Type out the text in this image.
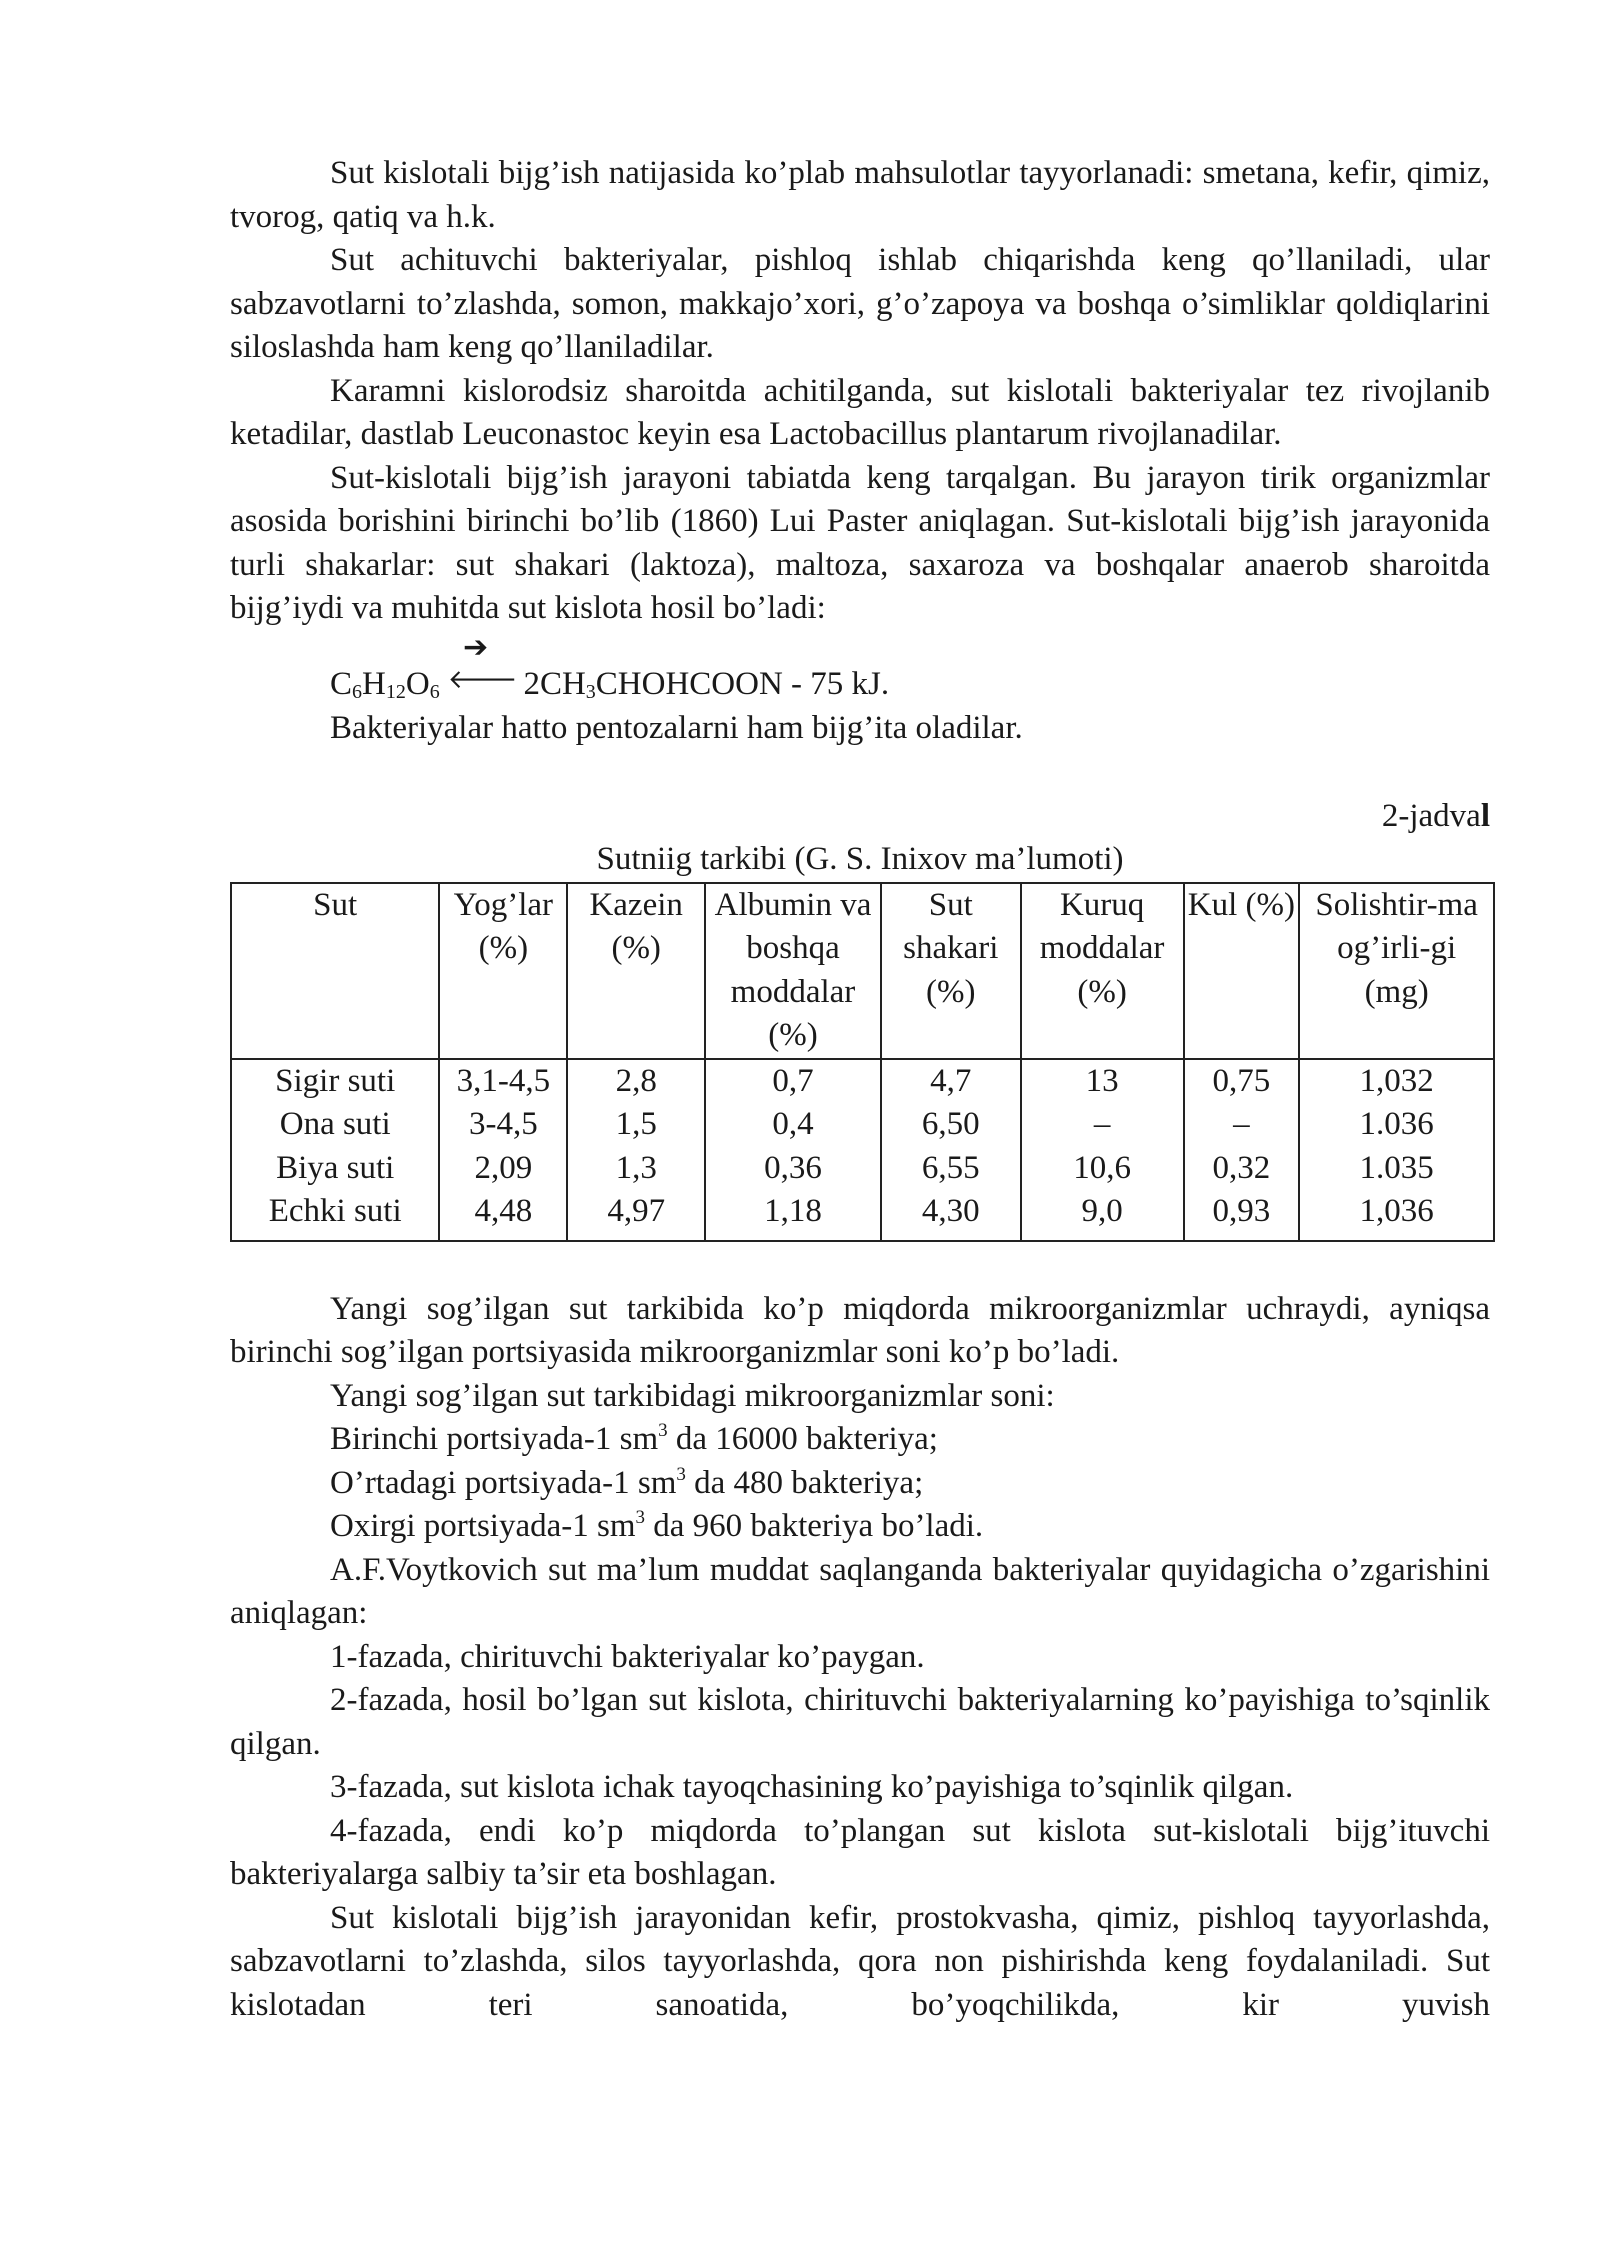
Sut kislotali bijg’ish natijasida ko’plab mahsulotlar tayyorlanadi: smetana, kefir, qimiz, tvorog, qatiq va h.k.

Sut achituvchi bakteriyalar, pishloq ishlab chiqarishda keng qo’llaniladi, ular sabzavotlarni to’zlashda, somon, makkajo’xori, g’o’zapoya va boshqa o’simliklar qoldiqlarini siloslashda ham keng qo’llaniladilar.

Karamni kislorodsiz sharoitda achitilganda, sut kislotali bakteriyalar tez rivojlanib ketadilar, dastlab Leuconastoc keyin esa Lactobacillus plantarum rivojlanadilar.

Sut-kislotali bijg’ish jarayoni tabiatda keng tarqalgan. Bu jarayon tirik organizmlar asosida borishini birinchi bo’lib (1860) Lui Paster aniqlagan. Sut-kislotali bijg’ish jarayonida turli shakarlar: sut shakari (laktoza), maltoza, saxaroza va boshqalar anaerob sharoitda bijg’iydi va muhitda sut kislota hosil bo’ladi:

➔

$C_6H_{12}O_6$ 🡐 $2CH_3CHOHCOON - 75$ kJ.

Bakteriyalar hatto pentozalarni ham bijg’ita oladilar.

2-jadval

Sutniig tarkibi (G. S. Inixov ma’lumoti)

Sut	Yog’lar (%)	Kazein (%)	Albumin va boshqa moddalar (%)	Sut shakari (%)	Kuruq moddalar (%)	Kul (%)	Solishtir-ma og’irli-gi (mg)
Sigir suti	3,1-4,5	2,8	0,7	4,7	13	0,75	1,032
Ona suti	3-4,5	1,5	0,4	6,50	–	–	1.036
Biya suti	2,09	1,3	0,36	6,55	10,6	0,32	1.035
Echki suti	4,48	4,97	1,18	4,30	9,0	0,93	1,036

Yangi sog’ilgan sut tarkibida ko’p miqdorda mikroorganizmlar uchraydi, ayniqsa birinchi sog’ilgan portsiyasida mikroorganizmlar soni ko’p bo’ladi.

Yangi sog’ilgan sut tarkibidagi mikroorganizmlar soni:

Birinchi portsiyada-1 $sm^3$ da 16000 bakteriya;

O’rtadagi portsiyada-1 $sm^3$ da 480 bakteriya;

Oxirgi portsiyada-1 $sm^3$ da 960 bakteriya bo’ladi.

A.F.Voytkovich sut ma’lum muddat saqlanganda bakteriyalar quyidagicha o’zgarishini aniqlagan:

1-fazada, chirituvchi bakteriyalar ko’paygan.

2-fazada, hosil bo’lgan sut kislota, chirituvchi bakteriyalarning ko’payishiga to’sqinlik qilgan.

3-fazada, sut kislota ichak tayoqchasining ko’payishiga to’sqinlik qilgan.

4-fazada, endi ko’p miqdorda to’plangan sut kislota sut-kislotali bijg’ituvchi bakteriyalarga salbiy ta’sir eta boshlagan.

Sut kislotali bijg’ish jarayonidan kefir, prostokvasha, qimiz, pishloq tayyorlashda, sabzavotlarni to’zlashda, silos tayyorlashda, qora non pishirishda keng foydalaniladi. Sut kislotadan teri sanoatida, bo’yoqchilikda, kir yuvish
